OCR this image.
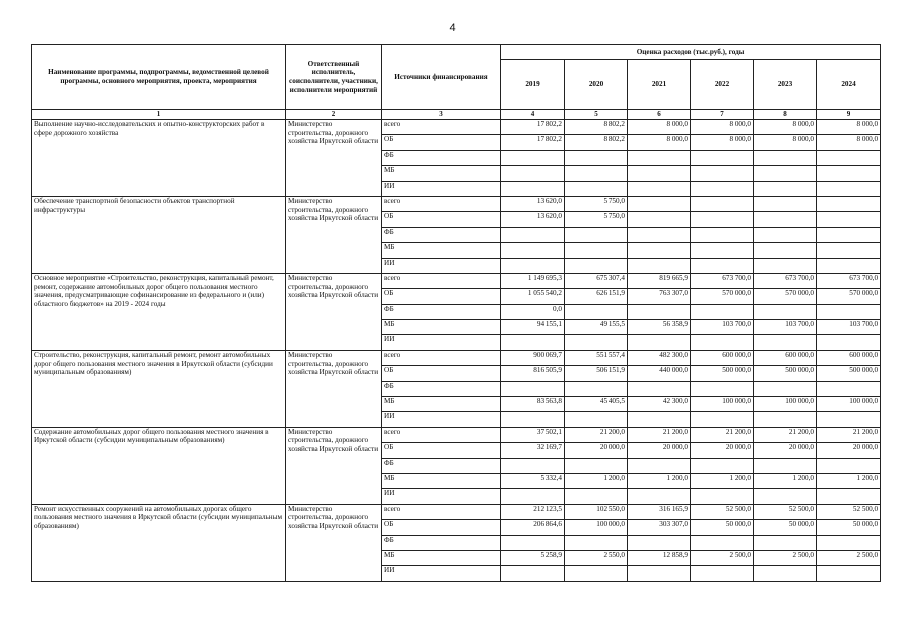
4
Наименование программы, подпрограммы, ведомственной целевой программы, основного мероприятия, проекта, мероприятия	Ответственный исполнитель, соисполнители, участники, исполнители мероприятий	Источники финансирования	Оценка расходов (тыс.руб.), годы					
			2019	2020	2021	2022	2023	2024
1	2	3	4	5	6	7	8	9
Выполнение научно-исследовательских и опытно-конструкторских работ в сфере дорожного хозяйства	Министерство строительства, дорожного хозяйства Иркутской области	всего	17 802,2	8 802,2	8 000,0	8 000,0	8 000,0	8 000,0
		ОБ	17 802,2	8 802,2	8 000,0	8 000,0	8 000,0	8 000,0
		ФБ						
		МБ						
		ИИ						
Обеспечение транспортной безопасности объектов транспортной инфраструктуры	Министерство строительства, дорожного хозяйства Иркутской области	всего	13 620,0	5 750,0				
		ОБ	13 620,0	5 750,0				
		ФБ						
		МБ						
		ИИ						
Основное мероприятие «Строительство, реконструкция, капитальный ремонт, ремонт, содержание автомобильных дорог общего пользования местного значения, предусматривающие софинансирование из федерального и (или) областного бюджетов» на 2019 - 2024 годы	Министерство строительства, дорожного хозяйства Иркутской области	всего	1 149 695,3	675 307,4	819 665,9	673 700,0	673 700,0	673 700,0
		ОБ	1 055 540,2	626 151,9	763 307,0	570 000,0	570 000,0	570 000,0
		ФБ	0,0					
		МБ	94 155,1	49 155,5	56 358,9	103 700,0	103 700,0	103 700,0
		ИИ						
Строительство, реконструкция, капитальный ремонт, ремонт автомобильных дорог общего пользования местного значения в Иркутской области (субсидии муниципальным образованиям)	Министерство строительства, дорожного хозяйства Иркутской области	всего	900 069,7	551 557,4	482 300,0	600 000,0	600 000,0	600 000,0
		ОБ	816 505,9	506 151,9	440 000,0	500 000,0	500 000,0	500 000,0
		ФБ						
		МБ	83 563,8	45 405,5	42 300,0	100 000,0	100 000,0	100 000,0
		ИИ						
Содержание автомобильных дорог общего пользования местного значения в Иркутской области (субсидии муниципальным образованиям)	Министерство строительства, дорожного хозяйства Иркутской области	всего	37 502,1	21 200,0	21 200,0	21 200,0	21 200,0	21 200,0
		ОБ	32 169,7	20 000,0	20 000,0	20 000,0	20 000,0	20 000,0
		ФБ						
		МБ	5 332,4	1 200,0	1 200,0	1 200,0	1 200,0	1 200,0
		ИИ						
Ремонт искусственных сооружений на автомобильных дорогах общего пользования местного значения в Иркутской области (субсидии муниципальным образованиям)	Министерство строительства, дорожного хозяйства Иркутской области	всего	212 123,5	102 550,0	316 165,9	52 500,0	52 500,0	52 500,0
		ОБ	206 864,6	100 000,0	303 307,0	50 000,0	50 000,0	50 000,0
		ФБ						
		МБ	5 258,9	2 550,0	12 858,9	2 500,0	2 500,0	2 500,0
		ИИ						
